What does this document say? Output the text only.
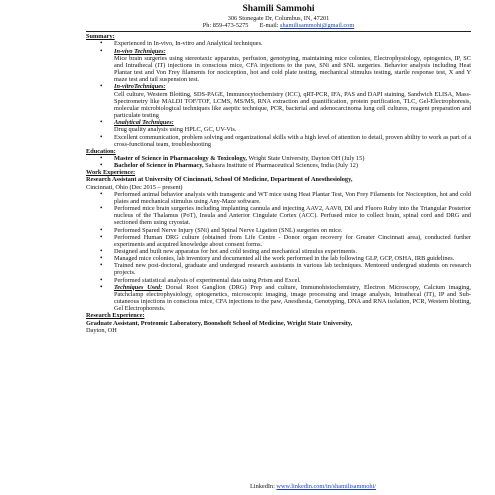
Shamili Sammohi
306 Stonegate Dr, Columbus, IN, 47201
Ph: 859-473-5275 E-mail: shamilisammohi@gmail.com
Summary:
• Experienced in In-vivo, In-vitro and Analytical techniques.
• In-vivo Techniques:
Mice brain surgeries using stereotaxic apparatus, perfusion, genotyping, maintaining mice colonies, Electrophysiology, optogenics, IP, SC and Intrathecal (IT) injections in conscious mice, CFA injections to the paw, SNi and SNL surgeries. Behavior analysis including Heat Plantar test and Von Frey filaments for nociception, hot and cold plate testing, mechanical stimulus testing, startle response test, X and Y maze test and tail suspension test.
• In-vitroTechniques:
Cell culture, Western Blotting, SDS-PAGE, Immunocytochemistry (ICC), qRT-PCR, IFA, PAS and DAPI staining, Sandwich ELISA, Mass-Spectrometry like MALDI TOF/TOF, LCMS, MS/MS, RNA extraction and quantification, protein purification, TLC, Gel-Electrophoresis, molecular microbiological techniques like aseptic technique, PCR, bacterial and adenocarcinoma lung cell cultures, reagent preparation and particulate testing
• Analytical Techniques:
Drug quality analysis using HPLC, GC, UV-Vis.
• Excellent communication, problem solving and organizational skills with a high level of attention to detail, proven ability to work as part of a cross-functional team, troubleshooting
Education:
• Master of Science in Pharmacology & Toxicology, Wright State University, Dayton OH (July 15)
• Bachelor of Science in Pharmacy, Sahasra Institute of Pharmaceutical Sciences, India (July 12)
Work Experience:
Research Assistant at University Of Cincinnati, School Of Medicine, Department of Anesthesiology,
Cincinnati, Ohio (Dec 2015 – present)
• Performed animal behavior analysis with transgenic and WT mice using Heat Plantar Test, Von Frey Filaments for Nociception, hot and cold plates and mechanical stimulus using Any-Maze software.
• Performed mice brain surgeries including implanting cannula and injecting AAV2, AAV8, Dil and Fluoro Ruby into the Triangular Posterior nucleus of the Thalamus (PoT), Insula and Anterior Cingulate Cortex (ACC). Perfused mice to collect brain, spinal cord and DRG and sectioned them using cryostat.
• Performed Spared Nerve Injury (SNi) and Spinal Nerve Ligation (SNL) surgeries on mice.
• Performed Human DRG culture (obtained from Life Centre - Donor organ recovery for Greater Cincinnati area), conducted further experiments and acquired knowledge about consent forms.
• Designed and built new apparatus for hot and cold testing and mechanical stimulus experiments.
• Managed mice colonies, lab inventory and documented all the work performed in the lab following GLP, GCP, OSHA, IRB guidelines.
• Trained new post-doctoral, graduate and undergrad research assistants in various lab techniques. Mentored undergrad students on research projects.
• Performed statistical analysis of experimental data using Prism and Excel.
• Techniques Used: Dorsal Root Ganglion (DRG) Prep and culture, Immunohistochemistry, Electron Microscopy, Calcium imaging, Patchclamp electrophysiology, optogenetics, microscopic imaging, image processing and image analysis, Intrathecal (IT), IP and Sub-cutaneous injections in conscious mice, CFA injections to the paw, Anesthesia, Genotyping, DNA and RNA isolation, PCR, Western blotting, Gel Electrophoresis.
Research Experience:
Graduate Assistant, Proteomic Laboratory, Boonshoft School of Medicine, Wright State University,
Dayton, OH
LinkedIn: www.linkedin.com/in/shamilisammohi/
